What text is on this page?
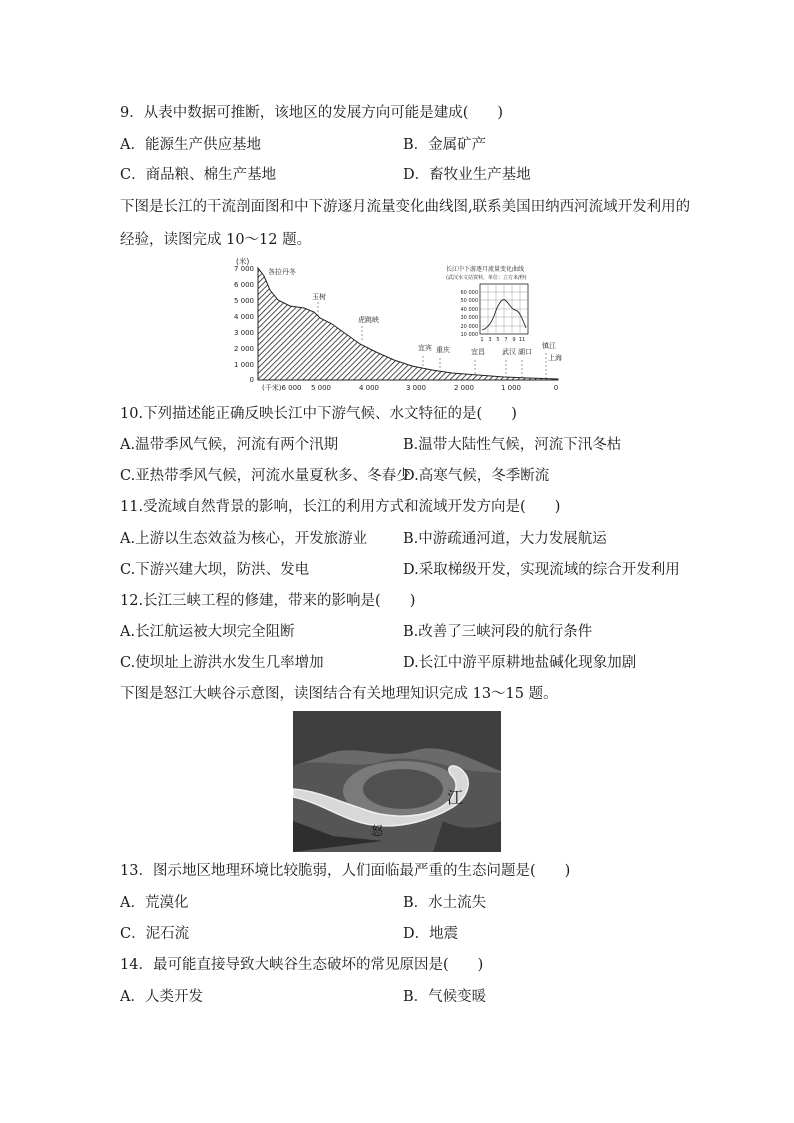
9．从表中数据可推断，该地区的发展方向可能是建成(　　)
A．能源生产供应基地	B．金属矿产
C．商品粮、棉生产基地	D．畜牧业生产基地
下图是长江的干流剖面图和中下游逐月流量变化曲线图,联系美国田纳西河流域开发利用的
经验，读图完成 10～12 题。
(米)
7 000
6 000
5 000
4 000
3 000
2 000
1 000
0
各拉丹冬
玉树
虎跳峡
宜宾 重庆	宜昌 武汉 湖口
镇江
上海
(千米)6 000 5 000	4 000	3 000	2 000	1 000	0
长江中下游逐月流量变化曲线
(武汉水文站资料，单位：立方米/秒)
60 000
50 000
40 000
30 000
20 000
10 000
1 3 5 7 9 11
10.下列描述能正确反映长江中下游气候、水文特征的是(　　)
A.温带季风气候，河流有两个汛期	B.温带大陆性气候，河流下汛冬枯
C.亚热带季风气候，河流水量夏秋多、冬春少
D.高寒气候，冬季断流
11.受流域自然背景的影响，长江的利用方式和流域开发方向是(　　)
A.上游以生态效益为核心，开发旅游业 B.中游疏通河道，大力发展航运
C.下游兴建大坝，防洪、发电	D.采取梯级开发，实现流域的综合开发利用
12.长江三峡工程的修建，带来的影响是(　　)
A.长江航运被大坝完全阻断	B.改善了三峡河段的航行条件
C.使坝址上游洪水发生几率增加	D.长江中游平原耕地盐碱化现象加剧
下图是怒江大峡谷示意图，读图结合有关地理知识完成 13～15 题。
江
怒
13．图示地区地理环境比较脆弱，人们面临最严重的生态问题是(　　)
A．荒漠化	B．水土流失
C．泥石流	D．地震
14．最可能直接导致大峡谷生态破坏的常见原因是(　　)
A．人类开发	B．气候变暖
